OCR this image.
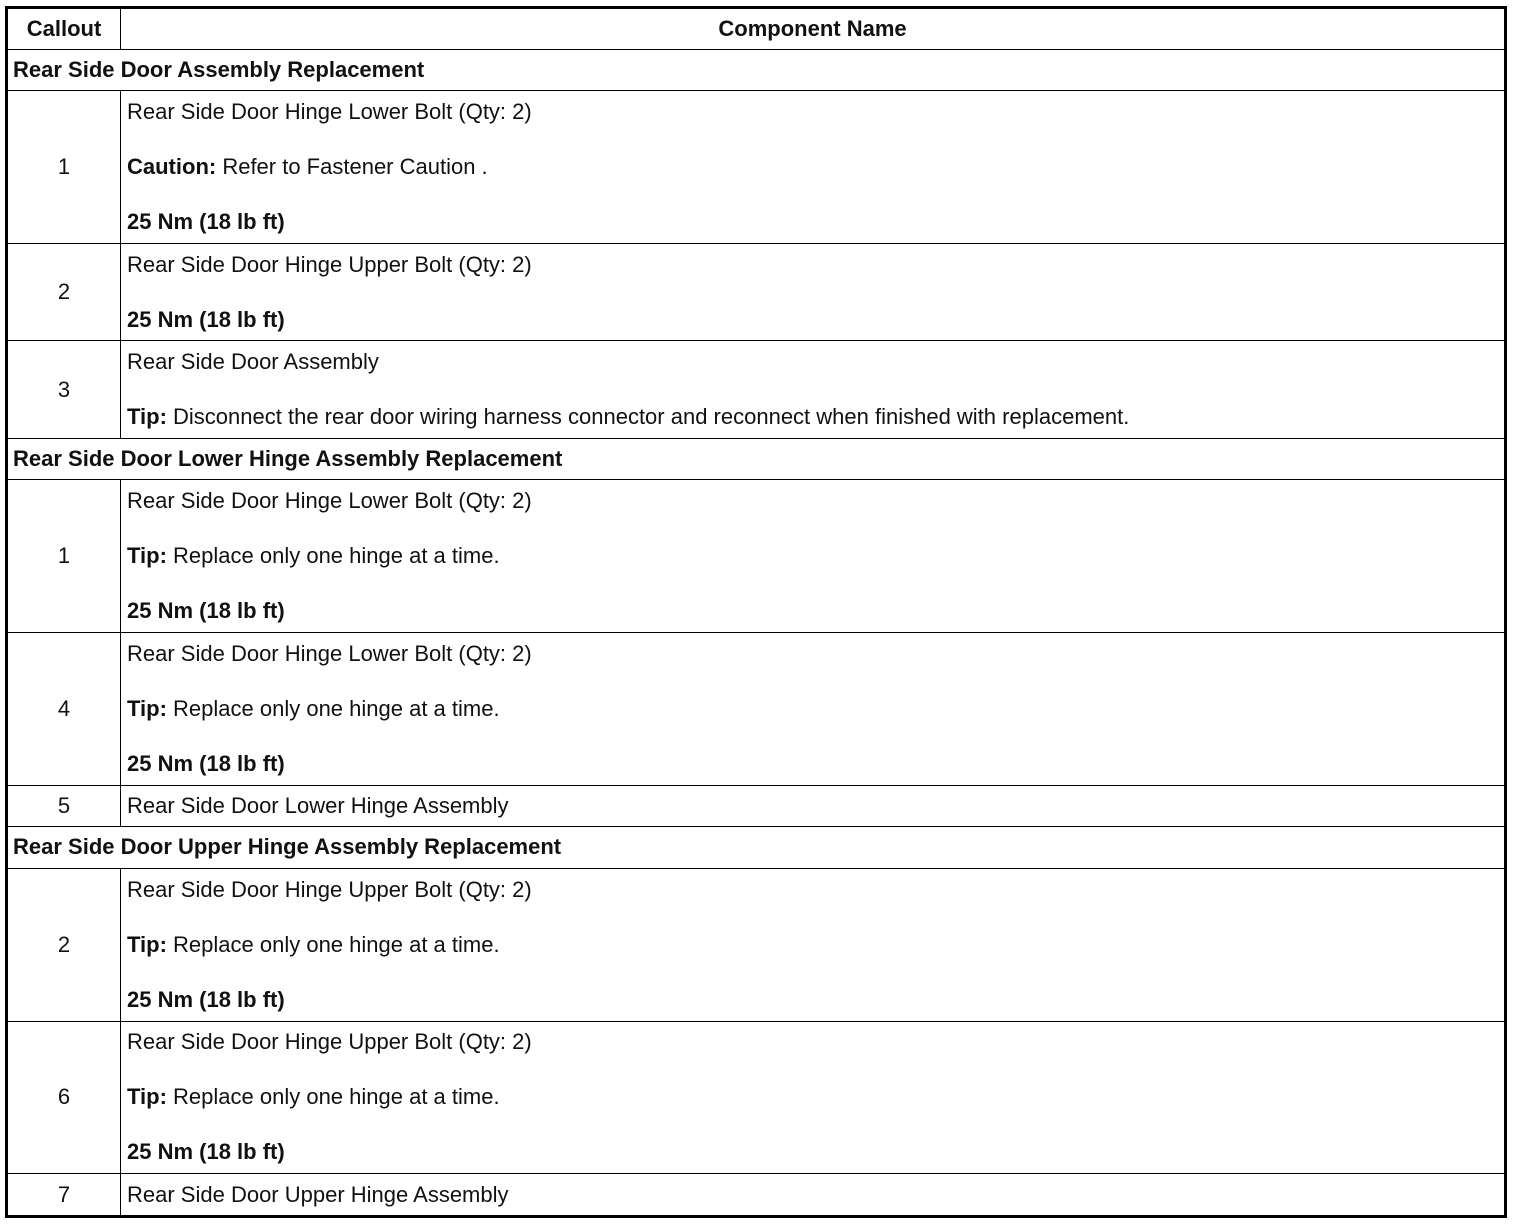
Callout	Component Name
Rear Side Door Assembly Replacement	
1	Rear Side Door Hinge Lower Bolt (Qty: 2)
Caution: Refer to Fastener Caution .
25 Nm (18 lb ft)

2	Rear Side Door Hinge Upper Bolt (Qty: 2)
25 Nm (18 lb ft)

3	Rear Side Door Assembly
Tip: Disconnect the rear door wiring harness connector and reconnect when finished with replacement.

Rear Side Door Lower Hinge Assembly Replacement	
1	Rear Side Door Hinge Lower Bolt (Qty: 2)
Tip: Replace only one hinge at a time.
25 Nm (18 lb ft)

4	Rear Side Door Hinge Lower Bolt (Qty: 2)
Tip: Replace only one hinge at a time.
25 Nm (18 lb ft)

5	Rear Side Door Lower Hinge Assembly

Rear Side Door Upper Hinge Assembly Replacement	
2	Rear Side Door Hinge Upper Bolt (Qty: 2)
Tip: Replace only one hinge at a time.
25 Nm (18 lb ft)

6	Rear Side Door Hinge Upper Bolt (Qty: 2)
Tip: Replace only one hinge at a time.
25 Nm (18 lb ft)

7	Rear Side Door Upper Hinge Assembly
